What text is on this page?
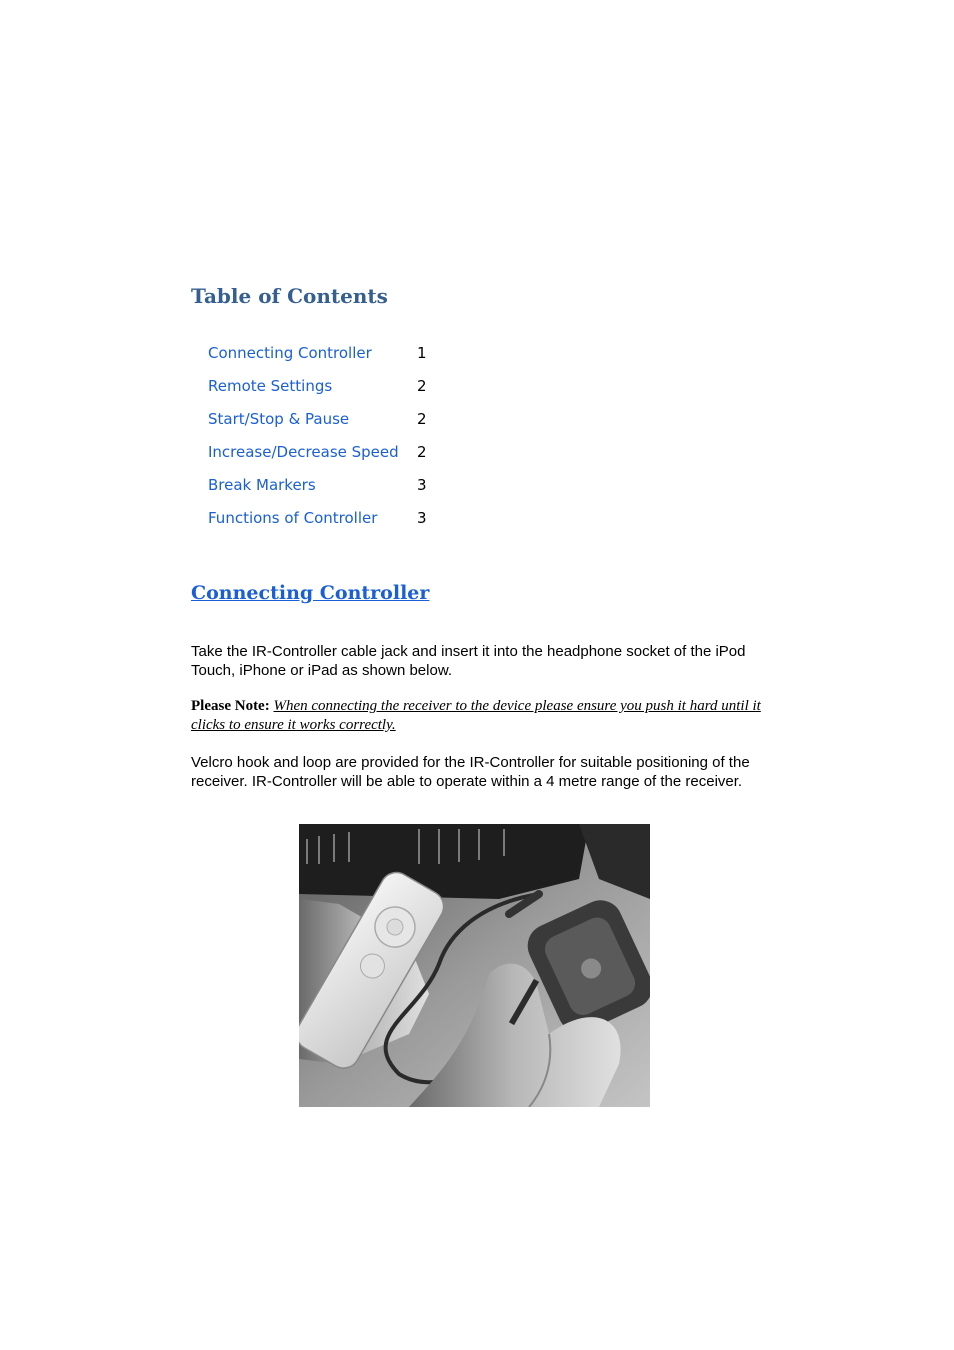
Table of Contents
Connecting Controller	1
Remote Settings	2
Start/Stop & Pause	2
Increase/Decrease Speed 2
Break Markers	3
Functions of Controller	3
Connecting Controller

Take the IR-Controller cable jack and insert it into the headphone socket of the iPod Touch, iPhone or iPad as shown below.

Please Note: When connecting the receiver to the device please ensure you push it hard until it clicks to ensure it works correctly.

Velcro hook and loop are provided for the IR-Controller for suitable positioning of the receiver. IR-Controller will be able to operate within a 4 metre range of the receiver.
